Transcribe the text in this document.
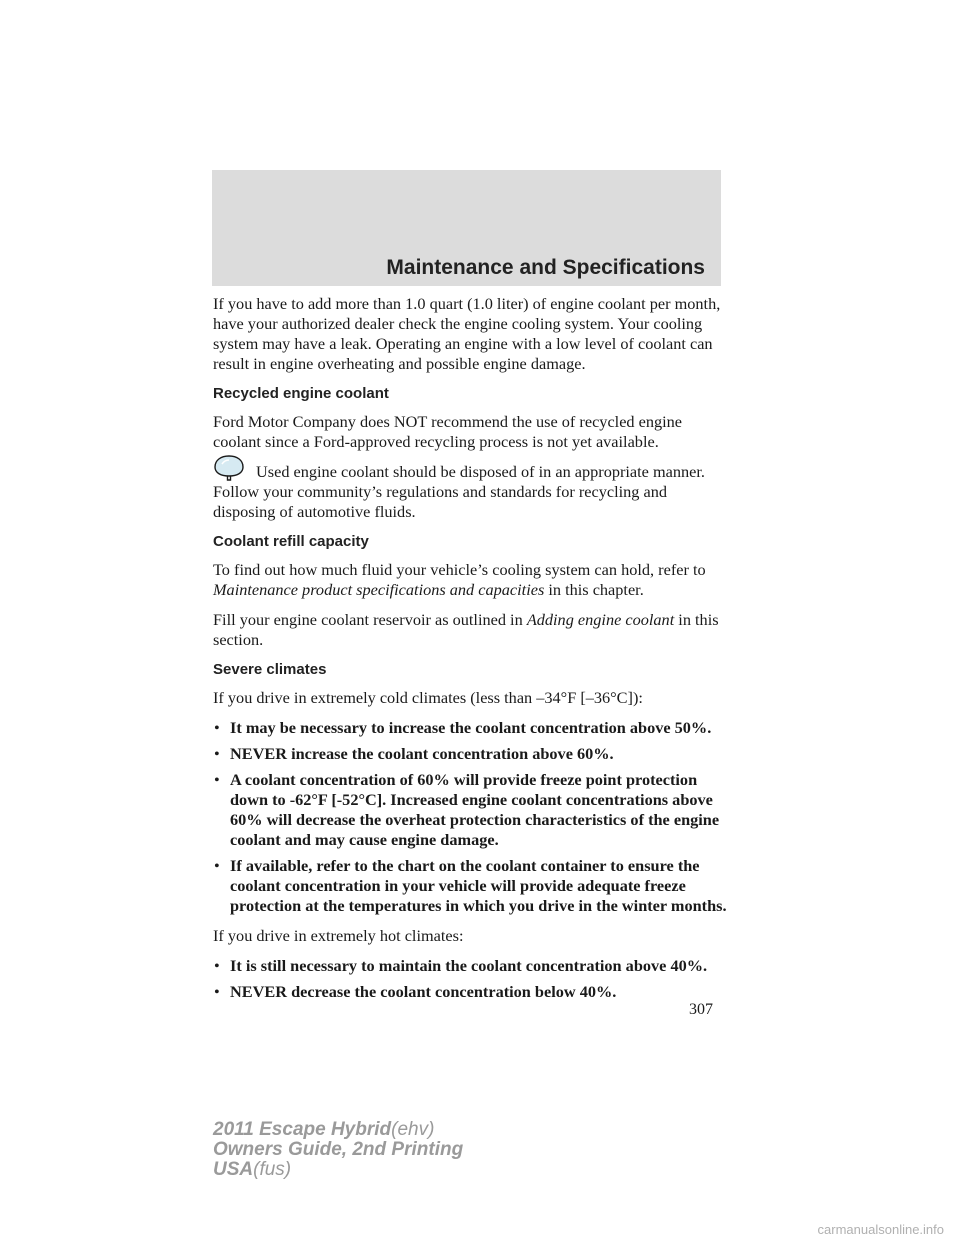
Maintenance and Specifications

If you have to add more than 1.0 quart (1.0 liter) of engine coolant per month, have your authorized dealer check the engine cooling system. Your cooling system may have a leak. Operating an engine with a low level of coolant can result in engine overheating and possible engine damage.

Recycled engine coolant

Ford Motor Company does NOT recommend the use of recycled engine coolant since a Ford-approved recycling process is not yet available.

Used engine coolant should be disposed of in an appropriate manner. Follow your community’s regulations and standards for recycling and disposing of automotive fluids.

Coolant refill capacity

To find out how much fluid your vehicle’s cooling system can hold, refer to Maintenance product specifications and capacities in this chapter.

Fill your engine coolant reservoir as outlined in Adding engine coolant in this section.

Severe climates

If you drive in extremely cold climates (less than –34°F [–36°C]):

• It may be necessary to increase the coolant concentration above 50%.
• NEVER increase the coolant concentration above 60%.
• A coolant concentration of 60% will provide freeze point protection down to -62°F [-52°C]. Increased engine coolant concentrations above 60% will decrease the overheat protection characteristics of the engine coolant and may cause engine damage.
• If available, refer to the chart on the coolant container to ensure the coolant concentration in your vehicle will provide adequate freeze protection at the temperatures in which you drive in the winter months.

If you drive in extremely hot climates:

• It is still necessary to maintain the coolant concentration above 40%.
• NEVER decrease the coolant concentration below 40%.
307
2011 Escape Hybrid(ehv)
Owners Guide, 2nd Printing
USA(fus)
carmanualsonline.info
